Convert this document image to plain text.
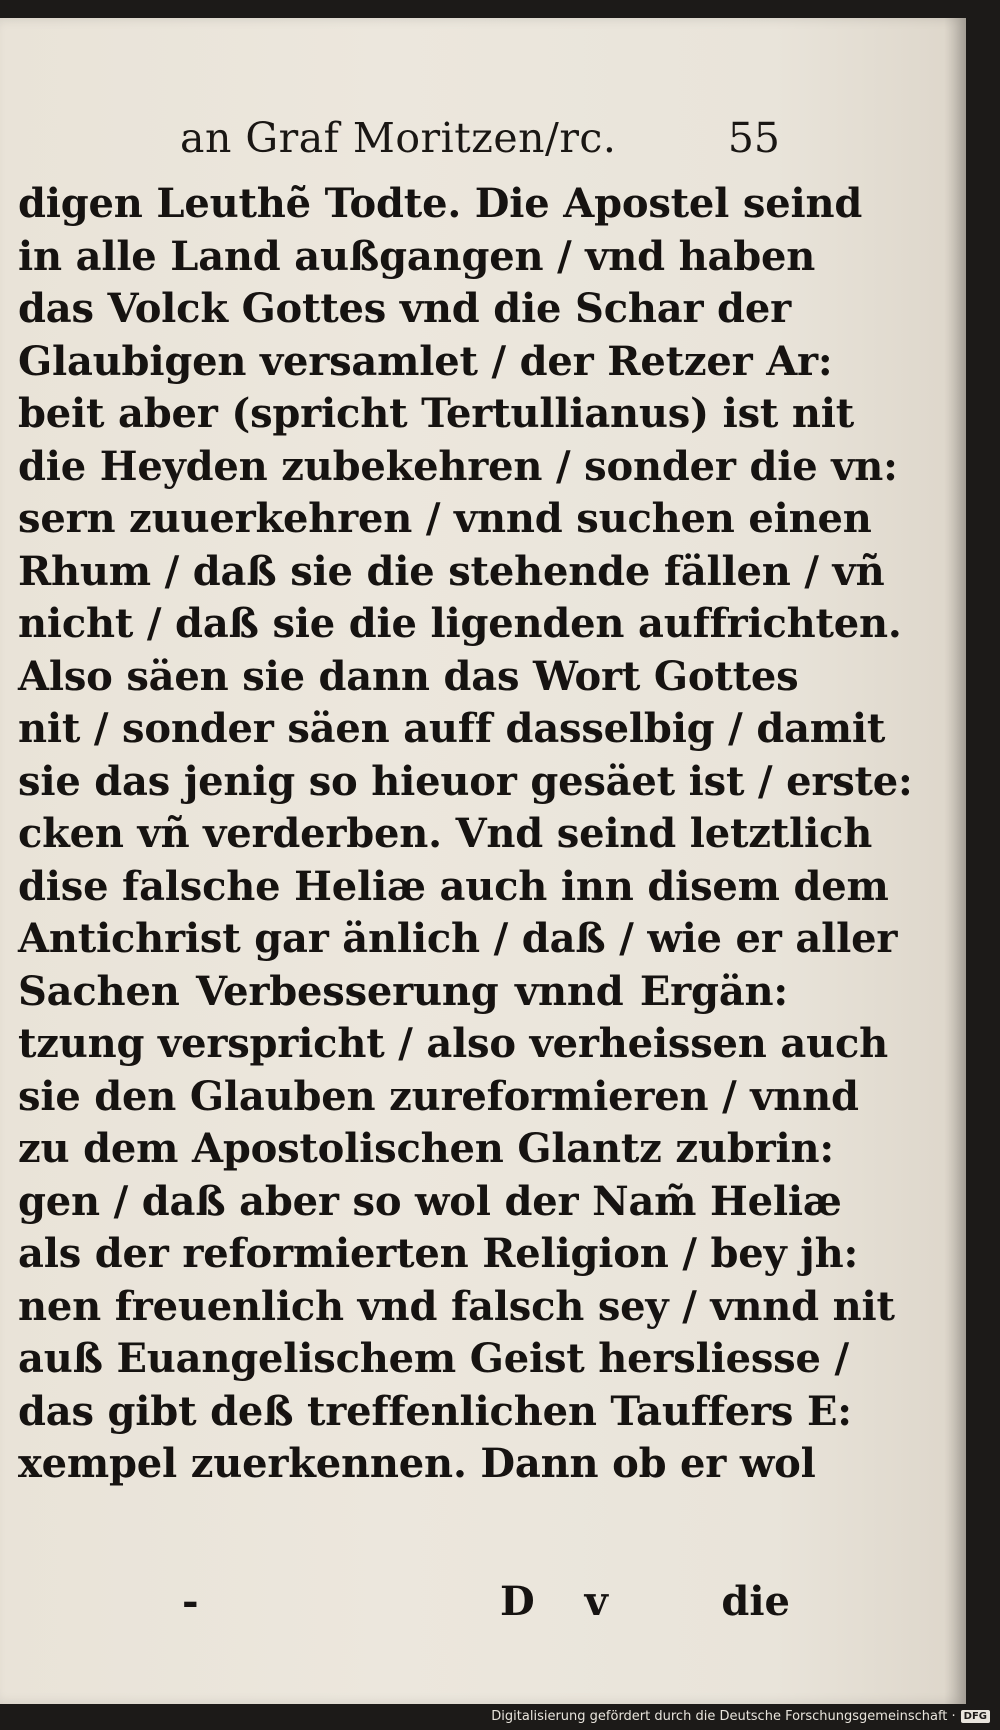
an Graf Moritzen/rc.	55
digen Leuthẽ Todte. Die Apostel seind
in alle Land außgangen / vnd haben
das Volck Gottes vnd die Schar der
Glaubigen versamlet / der Retzer Ar:
beit aber (spricht Tertullianus) ist nit
die Heyden zubekehren / sonder die vn:
sern zuuerkehren / vnnd suchen einen
Rhum / daß sie die stehende fällen / vñ
nicht / daß sie die ligenden auffrichten.
Also säen sie dann das Wort Gottes
nit / sonder säen auff dasselbig / damit
sie das jenig so hieuor gesäet ist / erste:
cken vñ verderben. Vnd seind letztlich
dise falsche Heliæ auch inn disem dem
Antichrist gar änlich / daß / wie er aller
Sachen Verbesserung vnnd Ergän:
tzung verspricht / also verheissen auch
sie den Glauben zureformieren / vnnd
zu dem Apostolischen Glantz zubrin:
gen / daß aber so wol der Nam̃ Heliæ
als der reformierten Religion / bey jh:
nen freuenlich vnd falsch sey / vnnd nit
auß Euangelischem Geist hersliesse /
das gibt deß treffenlichen Tauffers E:
xempel zuerkennen. Dann ob er wol
-	D v die
Digitalisierung gefördert durch die Deutsche Forschungsgemeinschaft · DFG
